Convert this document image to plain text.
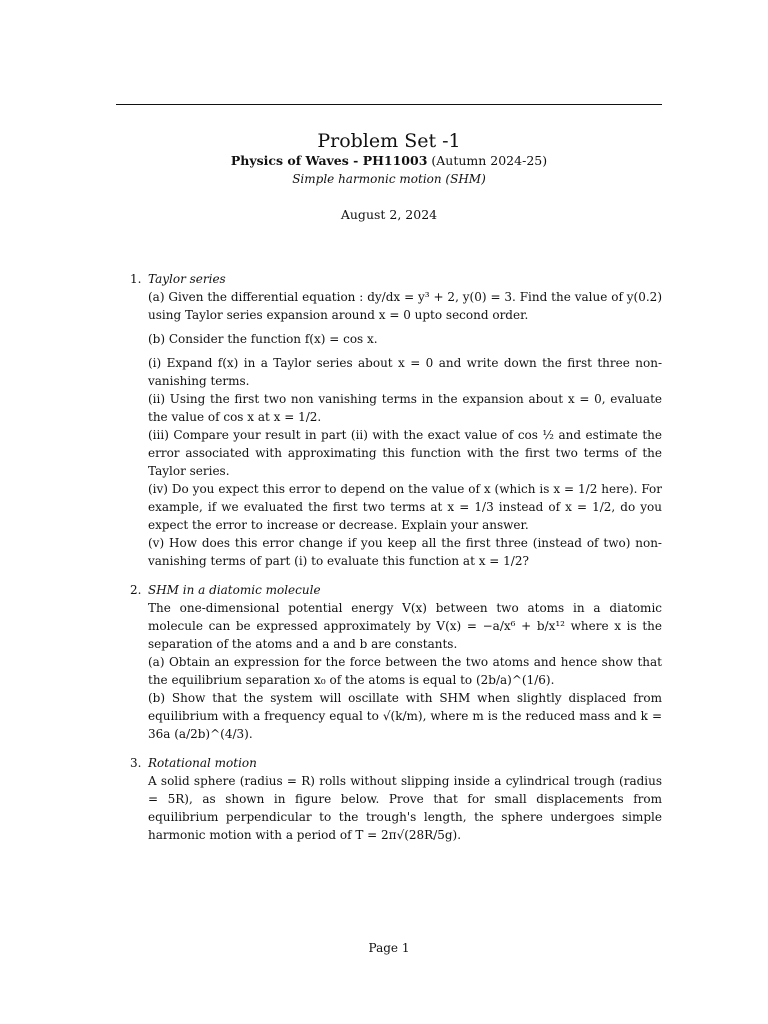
Problem Set -1
Physics of Waves - PH11003 (Autumn 2024-25)
Simple harmonic motion (SHM)
August 2, 2024
1. Taylor series

(a) Given the differential equation : dy/dx = y³ + 2, y(0) = 3. Find the value of y(0.2) using Taylor series expansion around x = 0 upto second order.

(b) Consider the function f(x) = cos x.

(i) Expand f(x) in a Taylor series about x = 0 and write down the first three non-vanishing terms.

(ii) Using the first two non vanishing terms in the expansion about x = 0, evaluate the value of cos x at x = 1/2.

(iii) Compare your result in part (ii) with the exact value of cos ½ and estimate the error associated with approximating this function with the first two terms of the Taylor series.

(iv) Do you expect this error to depend on the value of x (which is x = 1/2 here). For example, if we evaluated the first two terms at x = 1/3 instead of x = 1/2, do you expect the error to increase or decrease. Explain your answer.

(v) How does this error change if you keep all the first three (instead of two) non-vanishing terms of part (i) to evaluate this function at x = 1/2?

2. SHM in a diatomic molecule

The one-dimensional potential energy V(x) between two atoms in a diatomic molecule can be expressed approximately by V(x) = −a/x⁶ + b/x¹² where x is the separation of the atoms and a and b are constants.

(a) Obtain an expression for the force between the two atoms and hence show that the equilibrium separation x₀ of the atoms is equal to (2b/a)^(1/6).

(b) Show that the system will oscillate with SHM when slightly displaced from equilibrium with a frequency equal to √(k/m), where m is the reduced mass and k = 36a (a/2b)^(4/3).

3. Rotational motion

A solid sphere (radius = R) rolls without slipping inside a cylindrical trough (radius = 5R), as shown in figure below. Prove that for small displacements from equilibrium perpendicular to the trough's length, the sphere undergoes simple harmonic motion with a period of T = 2π√(28R/5g).

Page 1
